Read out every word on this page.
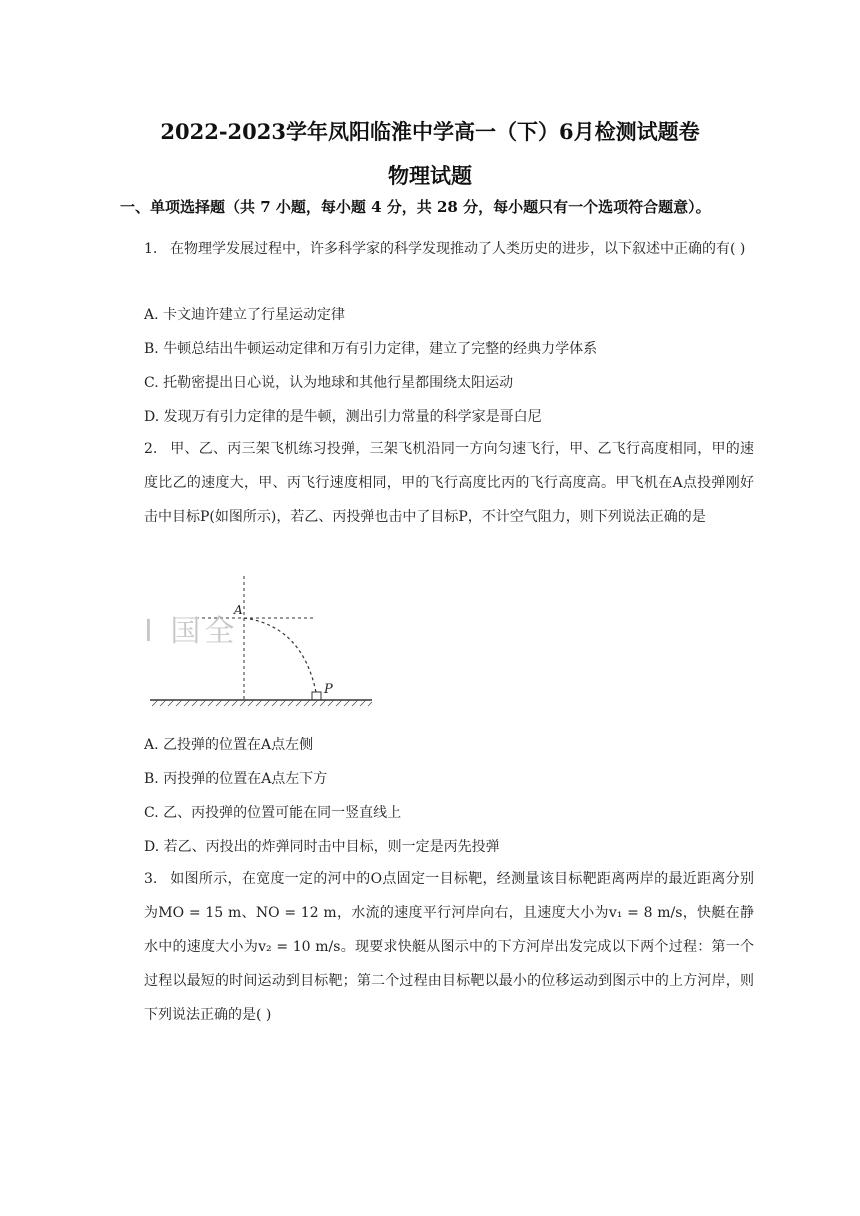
2022-2023学年凤阳临淮中学高一（下）6月检测试题卷
物理试题
一、单项选择题（共 7 小题，每小题 4 分，共 28 分，每小题只有一个选项符合题意）。
1. 在物理学发展过程中，许多科学家的科学发现推动了人类历史的进步，以下叙述中正确的有( )
A. 卡文迪许建立了行星运动定律
B. 牛顿总结出牛顿运动定律和万有引力定律，建立了完整的经典力学体系
C. 托勒密提出日心说，认为地球和其他行星都围绕太阳运动
D. 发现万有引力定律的是牛顿，测出引力常量的科学家是哥白尼
2. 甲、乙、丙三架飞机练习投弹，三架飞机沿同一方向匀速飞行，甲、乙飞行高度相同，甲的速度比乙的速度大，甲、丙飞行速度相同，甲的飞行高度比丙的飞行高度高。甲飞机在A点投弹刚好击中目标P(如图所示)，若乙、丙投弹也击中了目标P，不计空气阻力，则下列说法正确的是
I 国全
A
P
A. 乙投弹的位置在A点左侧
B. 丙投弹的位置在A点左下方
C. 乙、丙投弹的位置可能在同一竖直线上
D. 若乙、丙投出的炸弹同时击中目标，则一定是丙先投弹
3. 如图所示，在宽度一定的河中的O点固定一目标靶，经测量该目标靶距离两岸的最近距离分别为MO = 15 m、NO = 12 m，水流的速度平行河岸向右，且速度大小为v₁ = 8 m/s，快艇在静水中的速度大小为v₂ = 10 m/s。现要求快艇从图示中的下方河岸出发完成以下两个过程：第一个过程以最短的时间运动到目标靶；第二个过程由目标靶以最小的位移运动到图示中的上方河岸，则下列说法正确的是( )
